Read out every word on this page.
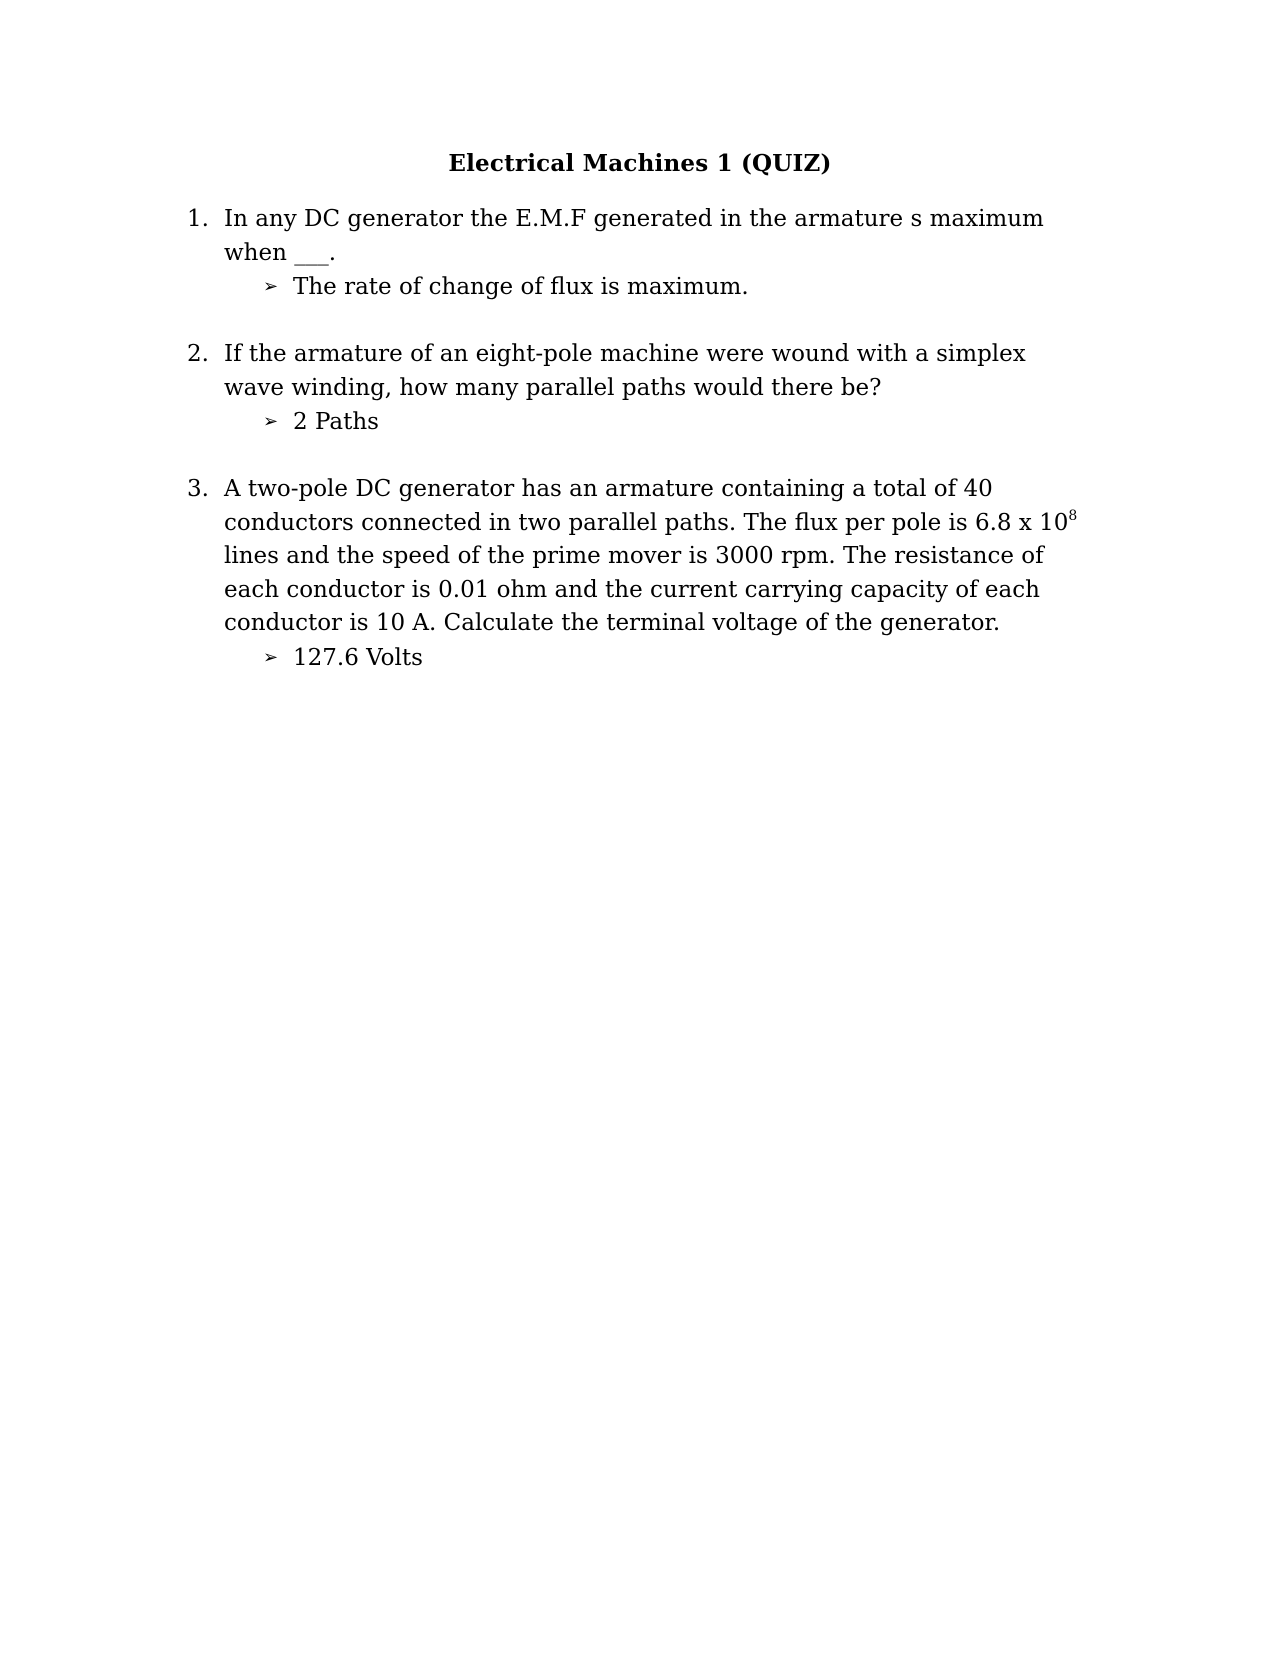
Electrical Machines 1 (QUIZ)
1. In any DC generator the E.M.F generated in the armature s maximum
when ___.
➢ The rate of change of flux is maximum.
2. If the armature of an eight-pole machine were wound with a simplex
wave winding, how many parallel paths would there be?
➢ 2 Paths
3. A two-pole DC generator has an armature containing a total of 40
conductors connected in two parallel paths. The flux per pole is 6.8 x $10^8$
lines and the speed of the prime mover is 3000 rpm. The resistance of
each conductor is 0.01 ohm and the current carrying capacity of each
conductor is 10 A. Calculate the terminal voltage of the generator.
➢ 127.6 Volts
